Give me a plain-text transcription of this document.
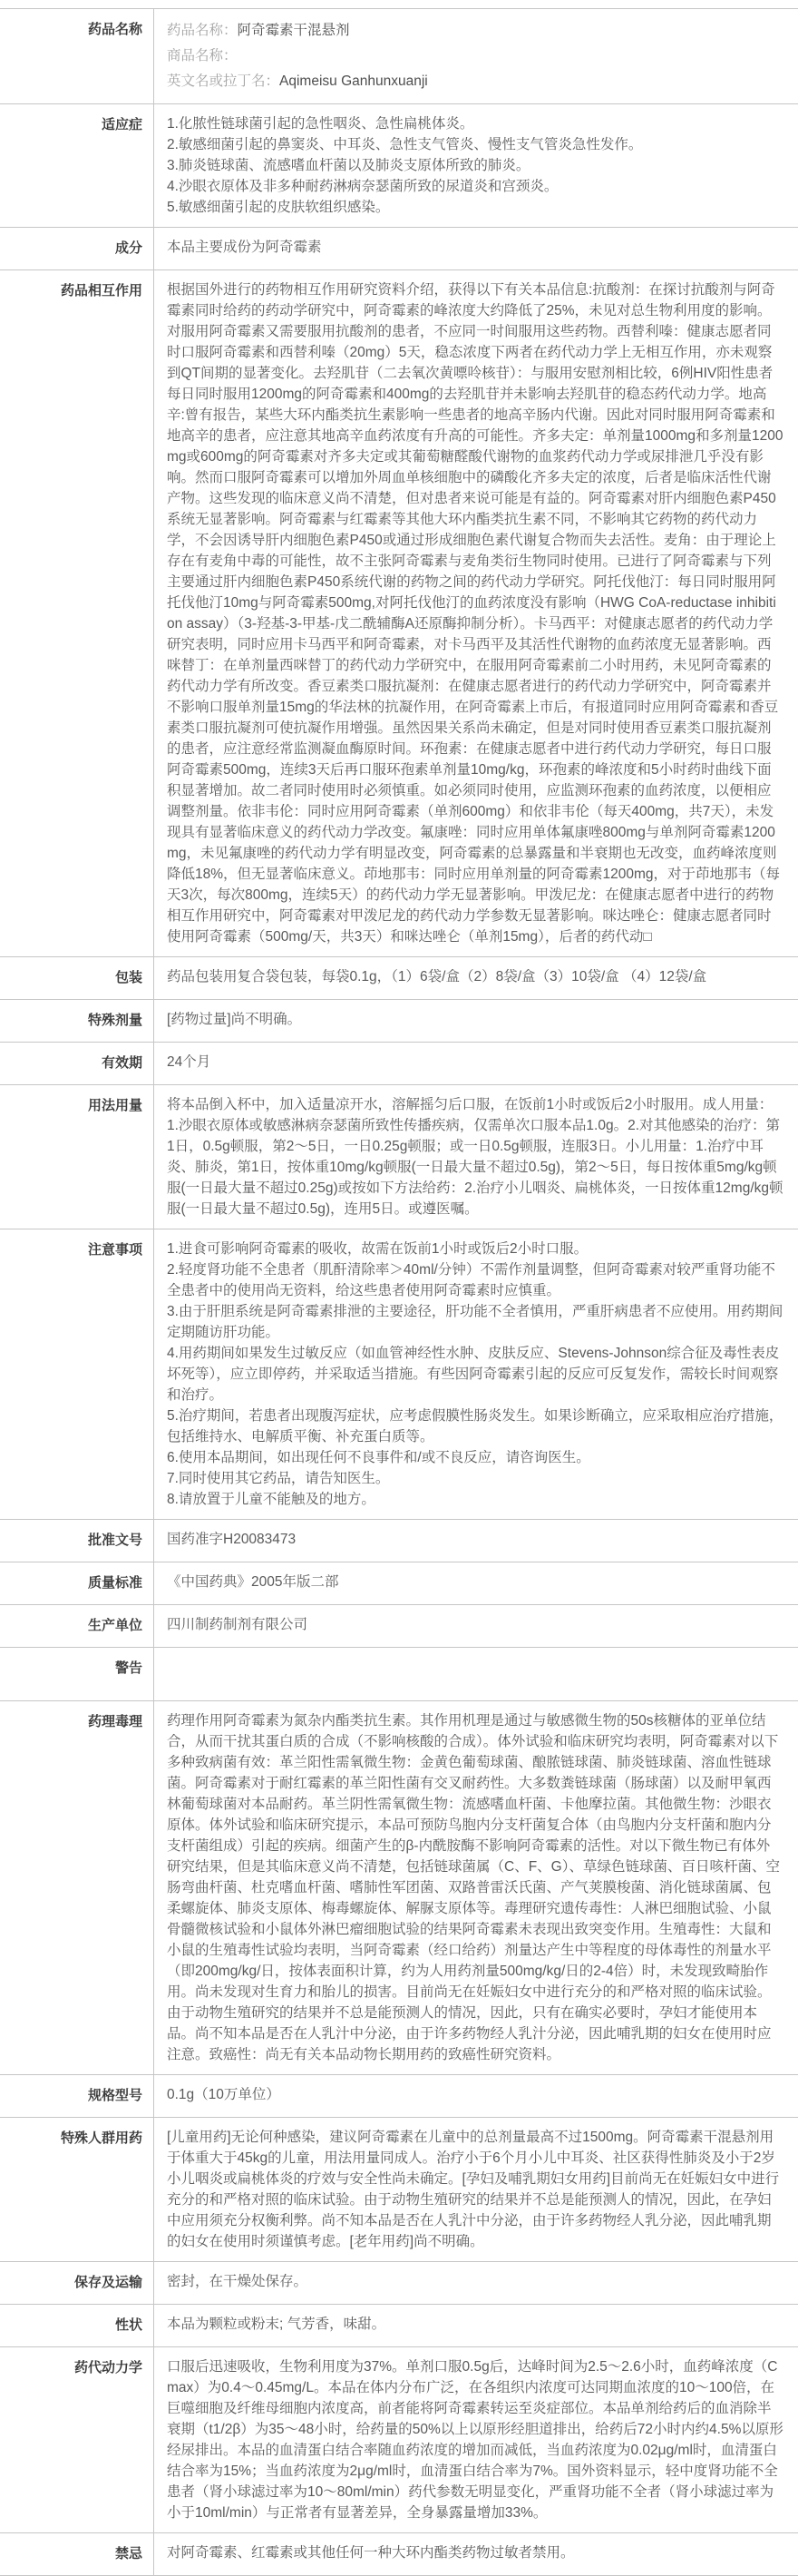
药品名称	药品名称：阿奇霉素干混悬剂
商品名称：
英文名或拉丁名：Aqimeisu Ganhunxuanji
适应症	1.化脓性链球菌引起的急性咽炎、急性扁桃体炎。
2.敏感细菌引起的鼻窦炎、中耳炎、急性支气管炎、慢性支气管炎急性发作。
3.肺炎链球菌、流感嗜血杆菌以及肺炎支原体所致的肺炎。
4.沙眼衣原体及非多种耐药淋病奈瑟菌所致的尿道炎和宫颈炎。
5.敏感细菌引起的皮肤软组织感染。
成分	本品主要成份为阿奇霉素
药品相互作用	根据国外进行的药物相互作用研究资料介绍，获得以下有关本品信息:抗酸剂：在探讨抗酸剂与阿奇霉素同时给药的药动学研究中，阿奇霉素的峰浓度大约降低了25%，未见对总生物利用度的影响。对服用阿奇霉素又需要服用抗酸剂的患者，不应同一时间服用这些药物。西替利嗪：健康志愿者同时口服阿奇霉素和西替利嗪（20mg）5天，稳态浓度下两者在药代动力学上无相互作用，亦未观察到QT间期的显著变化。去羟肌苷（二去氧次黄嘌呤核苷）：与服用安慰剂相比较，6例HIV阳性患者每日同时服用1200mg的阿奇霉素和400mg的去羟肌苷并未影响去羟肌苷的稳态药代动力学。地高辛:曾有报告，某些大环内酯类抗生素影响一些患者的地高辛肠内代谢。因此对同时服用阿奇霉素和地高辛的患者，应注意其地高辛血药浓度有升高的可能性。齐多夫定：单剂量1000mg和多剂量1200mg或600mg的阿奇霉素对齐多夫定或其葡萄糖醛酸代谢物的血浆药代动力学或尿排泄几乎没有影响。然而口服阿奇霉素可以增加外周血单核细胞中的磷酸化齐多夫定的浓度，后者是临床活性代谢产物。这些发现的临床意义尚不清楚，但对患者来说可能是有益的。阿奇霉素对肝内细胞色素P450系统无显著影响。阿奇霉素与红霉素等其他大环内酯类抗生素不同，不影响其它药物的药代动力学，不会因诱导肝内细胞色素P450或通过形成细胞色素代谢复合物而失去活性。麦角：由于理论上存在有麦角中毒的可能性，故不主张阿奇霉素与麦角类衍生物同时使用。已进行了阿奇霉素与下列主要通过肝内细胞色素P450系统代谢的药物之间的药代动力学研究。阿托伐他汀：每日同时服用阿托伐他汀10mg与阿奇霉素500mg,对阿托伐他汀的血药浓度没有影响（HWG CoA-reductase inhibition assay）（3-羟基-3-甲基-戊二酰辅酶A还原酶抑制分析）。卡马西平：对健康志愿者的药代动力学研究表明，同时应用卡马西平和阿奇霉素，对卡马西平及其活性代谢物的血药浓度无显著影响。西咪替丁：在单剂量西咪替丁的药代动力学研究中，在服用阿奇霉素前二小时用药，未见阿奇霉素的药代动力学有所改变。香豆素类口服抗凝剂：在健康志愿者进行的药代动力学研究中，阿奇霉素并不影响口服单剂量15mg的华法林的抗凝作用，在阿奇霉素上市后，有报道同时应用阿奇霉素和香豆素类口服抗凝剂可使抗凝作用增强。虽然因果关系尚未确定，但是对同时使用香豆素类口服抗凝剂的患者，应注意经常监测凝血酶原时间。环孢素：在健康志愿者中进行药代动力学研究，每日口服阿奇霉素500mg，连续3天后再口服环孢素单剂量10mg/kg，环孢素的峰浓度和5小时药时曲线下面积显著增加。故二者同时使用时必须慎重。如必须同时使用，应监测环孢素的血药浓度，以便相应调整剂量。依非韦伦：同时应用阿奇霉素（单剂600mg）和依非韦伦（每天400mg，共7天），未发现具有显著临床意义的药代动力学改变。氟康唑：同时应用单体氟康唑800mg与单剂阿奇霉素1200mg，未见氟康唑的药代动力学有明显改变，阿奇霉素的总暴露量和半衰期也无改变，血药峰浓度则降低18%，但无显著临床意义。茚地那韦：同时应用单剂量的阿奇霉素1200mg，对于茚地那韦（每天3次，每次800mg，连续5天）的药代动力学无显著影响。甲泼尼龙：在健康志愿者中进行的药物相互作用研究中，阿奇霉素对甲泼尼龙的药代动力学参数无显著影响。咪达唑仑：健康志愿者同时使用阿奇霉素（500mg/天，共3天）和咪达唑仑（单剂15mg），后者的药代动□
包装	药品包装用复合袋包装，每袋0.1g，（1）6袋/盒（2）8袋/盒（3）10袋/盒 （4）12袋/盒
特殊剂量	[药物过量]尚不明确。
有效期	24个月
用法用量	将本品倒入杯中，加入适量凉开水，溶解摇匀后口服，在饭前1小时或饭后2小时服用。成人用量：1.沙眼衣原体或敏感淋病奈瑟菌所致性传播疾病，仅需单次口服本品1.0g。2.对其他感染的治疗：第1日，0.5g顿服，第2～5日，一日0.25g顿服；或一日0.5g顿服，连服3日。小儿用量：1.治疗中耳炎、肺炎，第1日，按体重10mg/kg顿服(一日最大量不超过0.5g)，第2～5日，每日按体重5mg/kg顿服(一日最大量不超过0.25g)或按如下方法给药：2.治疗小儿咽炎、扁桃体炎，一日按体重12mg/kg顿服(一日最大量不超过0.5g)，连用5日。或遵医嘱。
注意事项	1.进食可影响阿奇霉素的吸收，故需在饭前1小时或饭后2小时口服。
2.轻度肾功能不全患者（肌酐清除率＞40ml/分钟）不需作剂量调整，但阿奇霉素对较严重肾功能不全患者中的使用尚无资料，给这些患者使用阿奇霉素时应慎重。
3.由于肝胆系统是阿奇霉素排泄的主要途径，肝功能不全者慎用，严重肝病患者不应使用。用药期间定期随访肝功能。
4.用药期间如果发生过敏反应（如血管神经性水肿、皮肤反应、Stevens-Johnson综合征及毒性表皮坏死等），应立即停药，并采取适当措施。有些因阿奇霉素引起的反应可反复发作，需较长时间观察和治疗。
5.治疗期间，若患者出现腹泻症状，应考虑假膜性肠炎发生。如果诊断确立，应采取相应治疗措施，包括维持水、电解质平衡、补充蛋白质等。
6.使用本品期间，如出现任何不良事件和/或不良反应，请咨询医生。
7.同时使用其它药品，请告知医生。
8.请放置于儿童不能触及的地方。
批准文号	国药准字H20083473
质量标准	《中国药典》2005年版二部
生产单位	四川制药制剂有限公司
警告
药理毒理	药理作用阿奇霉素为氮杂内酯类抗生素。其作用机理是通过与敏感微生物的50s核糖体的亚单位结合，从而干扰其蛋白质的合成（不影响核酸的合成）。体外试验和临床研究均表明，阿奇霉素对以下多种致病菌有效：革兰阳性需氧微生物：金黄色葡萄球菌、酿脓链球菌、肺炎链球菌、溶血性链球菌。阿奇霉素对于耐红霉素的革兰阳性菌有交叉耐药性。大多数粪链球菌（肠球菌）以及耐甲氧西林葡萄球菌对本品耐药。革兰阴性需氧微生物：流感嗜血杆菌、卡他摩拉菌。其他微生物：沙眼衣原体。体外试验和临床研究提示，本品可预防鸟胞内分支杆菌复合体（由鸟胞内分支杆菌和胞内分支杆菌组成）引起的疾病。细菌产生的β-内酰胺酶不影响阿奇霉素的活性。对以下微生物已有体外研究结果，但是其临床意义尚不清楚，包括链球菌属（C、F、G）、草绿色链球菌、百日咳杆菌、空肠弯曲杆菌、杜克嗜血杆菌、嗜肺性军团菌、双路普雷沃氏菌、产气荚膜梭菌、消化链球菌属、包柔螺旋体、肺炎支原体、梅毒螺旋体、解脲支原体等。毒理研究遗传毒性：人淋巴细胞试验、小鼠骨髓微核试验和小鼠体外淋巴瘤细胞试验的结果阿奇霉素未表现出致突变作用。生殖毒性：大鼠和小鼠的生殖毒性试验均表明，当阿奇霉素（经口给药）剂量达产生中等程度的母体毒性的剂量水平（即200mg/kg/日，按体表面积计算，约为人用药剂量500mg/kg/日的2-4倍）时，未发现致畸胎作用。尚未发现对生育力和胎儿的损害。目前尚无在妊娠妇女中进行充分的和严格对照的临床试验。由于动物生殖研究的结果并不总是能预测人的情况，因此，只有在确实必要时，孕妇才能使用本品。尚不知本品是否在人乳汁中分泌，由于许多药物经人乳汁分泌，因此哺乳期的妇女在使用时应注意。致癌性：尚无有关本品动物长期用药的致癌性研究资料。
规格型号	0.1g（10万单位）
特殊人群用药	[儿童用药]无论何种感染，建议阿奇霉素在儿童中的总剂量最高不过1500mg。阿奇霉素干混悬剂用于体重大于45kg的儿童，用法用量同成人。治疗小于6个月小儿中耳炎、社区获得性肺炎及小于2岁小儿咽炎或扁桃体炎的疗效与安全性尚未确定。[孕妇及哺乳期妇女用药]目前尚无在妊娠妇女中进行充分的和严格对照的临床试验。由于动物生殖研究的结果并不总是能预测人的情况，因此，在孕妇中应用须充分权衡利弊。尚不知本品是否在人乳汁中分泌，由于许多药物经人乳分泌，因此哺乳期的妇女在使用时须谨慎考虑。[老年用药]尚不明确。
保存及运输	密封，在干燥处保存。
性状	本品为颗粒或粉末; 气芳香，味甜。
药代动力学	口服后迅速吸收，生物利用度为37%。单剂口服0.5g后，达峰时间为2.5～2.6小时，血药峰浓度（Cmax）为0.4～0.45mg/L。本品在体内分布广泛，在各组织内浓度可达同期血浓度的10～100倍，在巨噬细胞及纤维母细胞内浓度高，前者能将阿奇霉素转运至炎症部位。本品单剂给药后的血消除半衰期（t1/2β）为35～48小时，给药量的50%以上以原形经胆道排出，给药后72小时内约4.5%以原形经尿排出。本品的血清蛋白结合率随血药浓度的增加而减低，当血药浓度为0.02μg/ml时，血清蛋白结合率为15%；当血药浓度为2μg/ml时，血清蛋白结合率为7%。国外资料显示，轻中度肾功能不全患者（肾小球滤过率为10～80ml/min）药代参数无明显变化，严重肾功能不全者（肾小球滤过率为小于10ml/min）与正常者有显著差异，全身暴露量增加33%。
禁忌	对阿奇霉素、红霉素或其他任何一种大环内酯类药物过敏者禁用。
